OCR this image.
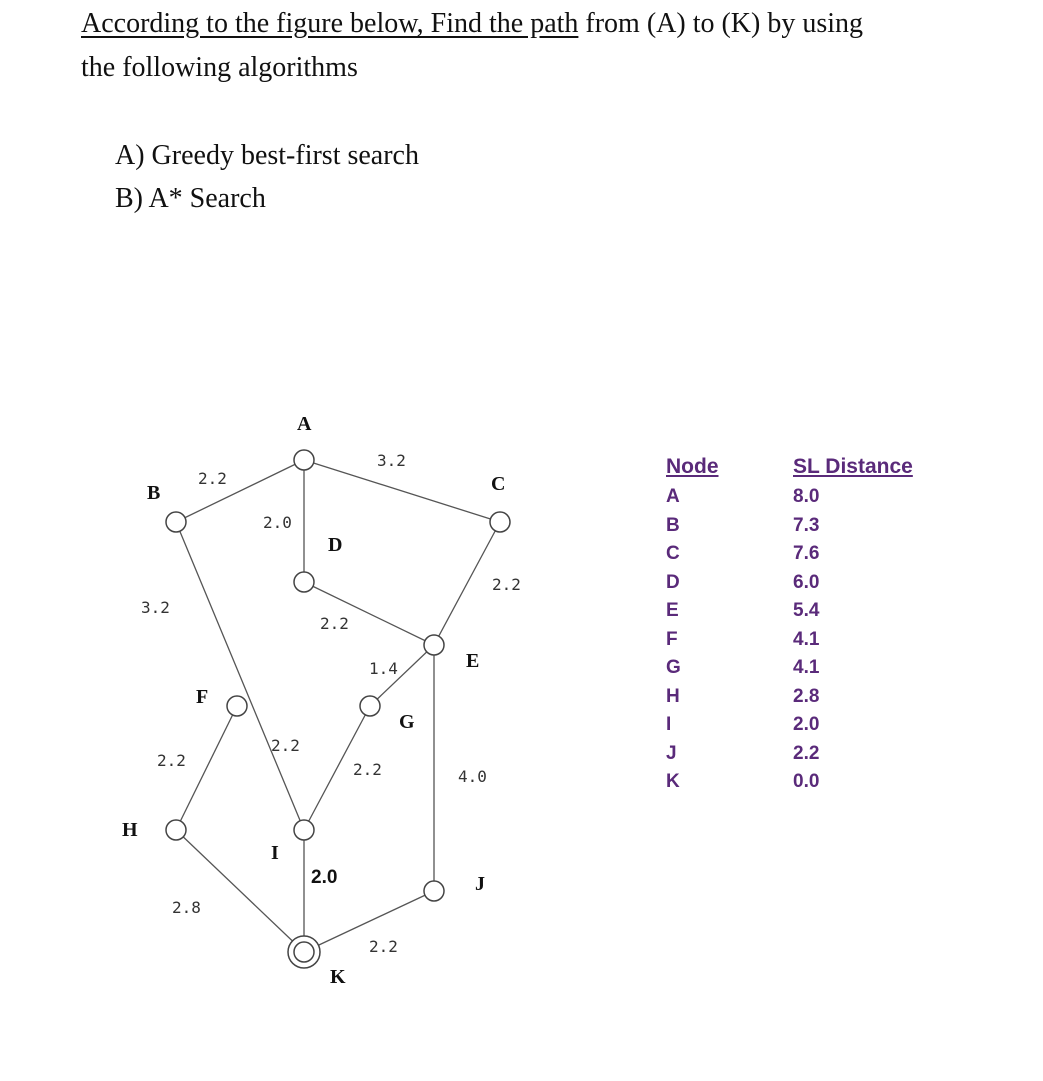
According to the figure below, Find the path from (A) to (K) by using
the following algorithms
A) Greedy best-first search
B) A* Search
A
B	C
D
E
F
G
H
I
J
K
2.2
3.2
2.0
3.2
2.2
2.2
1.4
4.0
2.2
2.2
2.2
2.8
2.0
2.2
Node
A
B
C
D
E
F
G
H
I
J
K
SL Distance
8.0
7.3
7.6
6.0
5.4
4.1
4.1
2.8
2.0
2.2
0.0
